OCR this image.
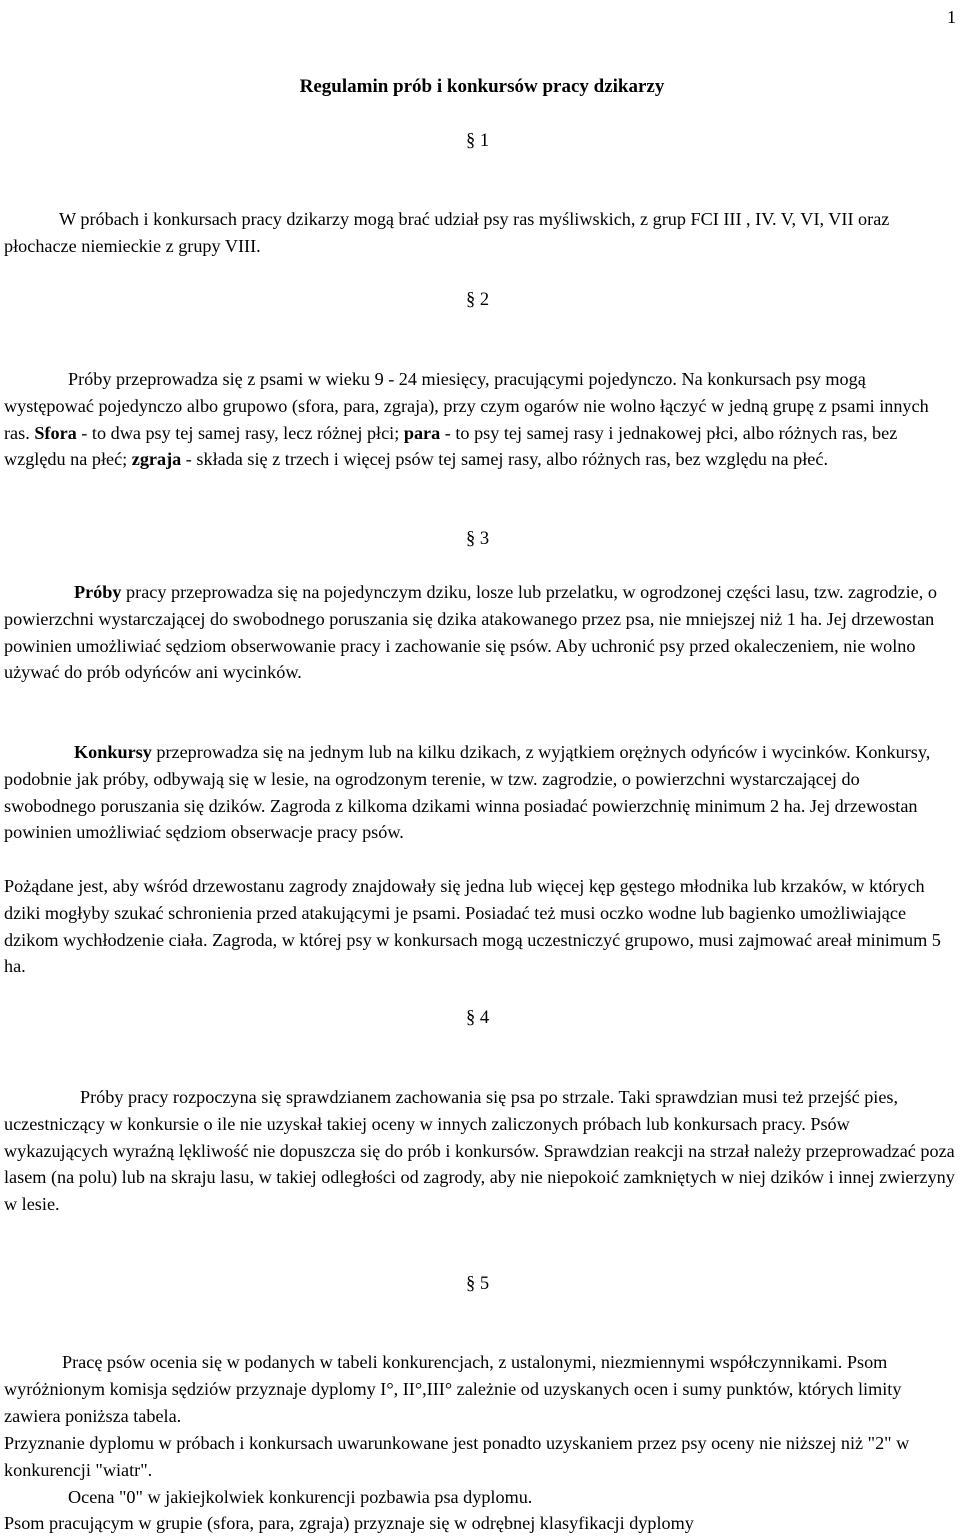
1
Regulamin prób i konkursów pracy dzikarzy
§ 1

W próbach i konkursach pracy dzikarzy mogą brać udział psy ras myśliwskich, z grup FCI III , IV. V, VI, VII oraz płochacze niemieckie z grupy VIII.

§ 2

Próby przeprowadza się z psami w wieku 9 - 24 miesięcy, pracującymi pojedynczo. Na konkursach psy mogą występować pojedynczo albo grupowo (sfora, para, zgraja), przy czym ogarów nie wolno łączyć w jedną grupę z psami innych ras. Sfora - to dwa psy tej samej rasy, lecz różnej płci; para - to psy tej samej rasy i jednakowej płci, albo różnych ras, bez względu na płeć; zgraja - składa się z trzech i więcej psów tej samej rasy, albo różnych ras, bez względu na płeć.

§ 3

Próby pracy przeprowadza się na pojedynczym dziku, losze lub przelatku, w ogrodzonej części lasu, tzw. zagrodzie, o powierzchni wystarczającej do swobodnego poruszania się dzika atakowanego przez psa, nie mniejszej niż 1 ha. Jej drzewostan powinien umożliwiać sędziom obserwowanie pracy i zachowanie się psów. Aby uchronić psy przed okaleczeniem, nie wolno używać do prób odyńców ani wycinków.

Konkursy przeprowadza się na jednym lub na kilku dzikach, z wyjątkiem orężnych odyńców i wycinków. Konkursy, podobnie jak próby, odbywają się w lesie, na ogrodzonym terenie, w tzw. zagrodzie, o powierzchni wystarczającej do swobodnego poruszania się dzików. Zagroda z kilkoma dzikami winna posiadać powierzchnię minimum 2 ha. Jej drzewostan powinien umożliwiać sędziom obserwacje pracy psów.

Pożądane jest, aby wśród drzewostanu zagrody znajdowały się jedna lub więcej kęp gęstego młodnika lub krzaków, w których dziki mogłyby szukać schronienia przed atakującymi je psami. Posiadać też musi oczko wodne lub bagienko umożliwiające dzikom wychłodzenie ciała. Zagroda, w której psy w konkursach mogą uczestniczyć grupowo, musi zajmować areał minimum 5 ha.

§ 4

Próby pracy rozpoczyna się sprawdzianem zachowania się psa po strzale. Taki sprawdzian musi też przejść pies, uczestniczący w konkursie o ile nie uzyskał takiej oceny w innych zaliczonych próbach lub konkursach pracy. Psów wykazujących wyraźną lękliwość nie dopuszcza się do prób i konkursów. Sprawdzian reakcji na strzał należy przeprowadzać poza lasem (na polu) lub na skraju lasu, w takiej odległości od zagrody, aby nie niepokoić zamkniętych w niej dzików i innej zwierzyny w lesie.

§ 5

Pracę psów ocenia się w podanych w tabeli konkurencjach, z ustalonymi, niezmiennymi współczynnikami. Psom wyróżnionym komisja sędziów przyznaje dyplomy I°, II°,III° zależnie od uzyskanych ocen i sumy punktów, których limity zawiera poniższa tabela.

Przyznanie dyplomu w próbach i konkursach uwarunkowane jest ponadto uzyskaniem przez psy oceny nie niższej niż "2" w konkurencji "wiatr".

Ocena "0" w jakiejkolwiek konkurencji pozbawia psa dyplomu.

Psom pracującym w grupie (sfora, para, zgraja) przyznaje się w odrębnej klasyfikacji dyplomy
